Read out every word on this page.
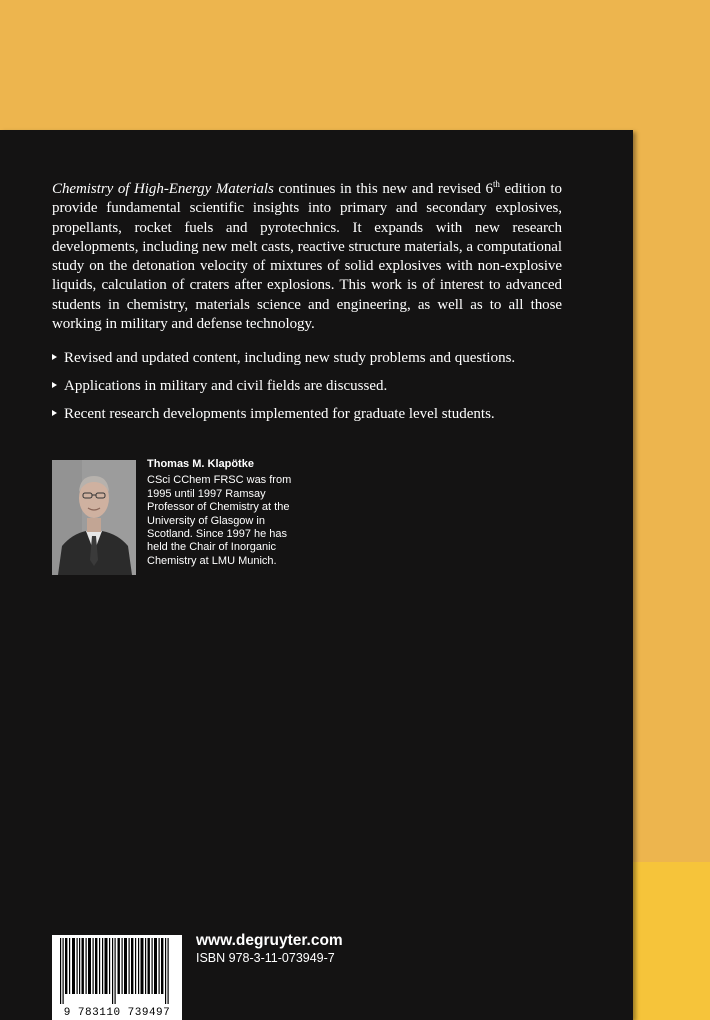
Chemistry of High-Energy Materials continues in this new and revised 6th edition to provide fundamental scientific insights into primary and secondary explosives, propellants, rocket fuels and pyrotechnics. It expands with new research developments, including new melt casts, reactive structure materials, a computational study on the detonation velocity of mixtures of solid explosives with non-explosive liquids, calculation of craters after explosions. This work is of interest to advanced students in chemistry, materials science and engineering, as well as to all those working in military and defense technology.

Revised and updated content, including new study problems and questions.
Applications in military and civil fields are discussed.
Recent research developments implemented for graduate level students.

Thomas M. Klapötke

CSci CChem FRSC was from 1995 until 1997 Ramsay Professor of Chemistry at the University of Glasgow in Scotland. Since 1997 he has held the Chair of Inorganic Chemistry at LMU Munich.

9 783110 739497
www.degruyter.com
ISBN 978-3-11-073949-7
